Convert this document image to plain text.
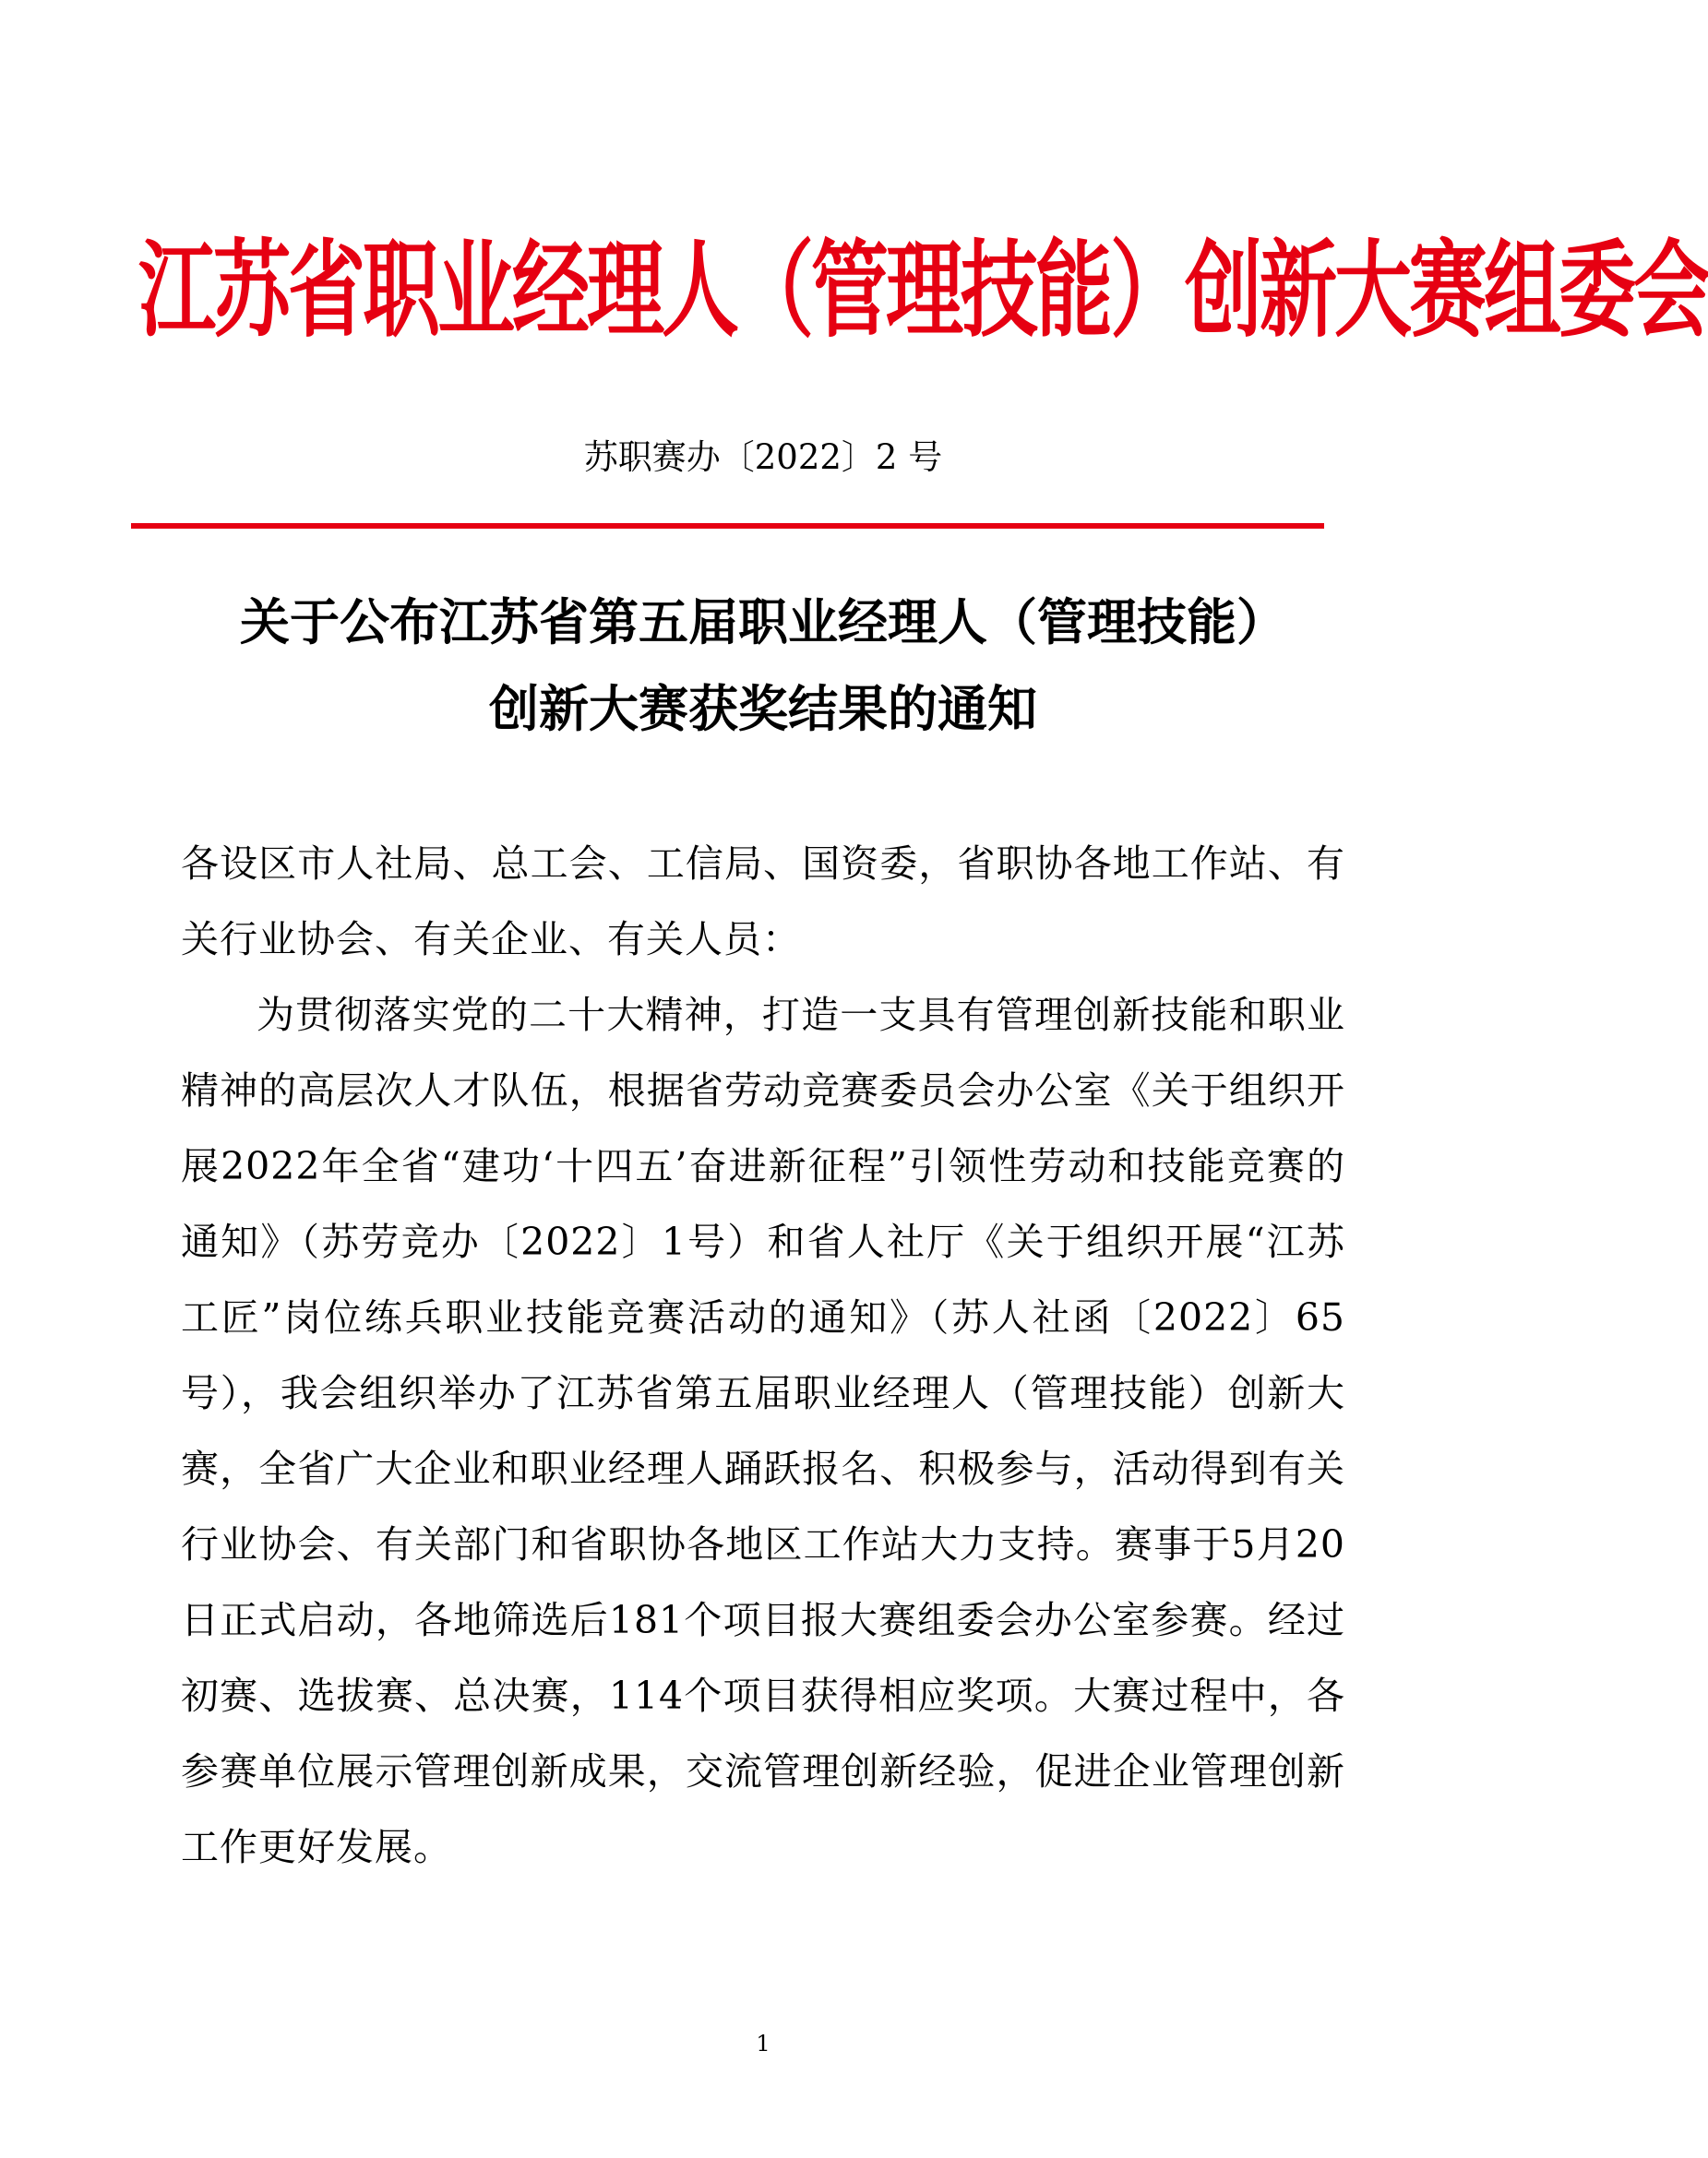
江苏省职业经理人（管理技能）创新大赛组委会
苏职赛办〔2022〕2 号
关于公布江苏省第五届职业经理人（管理技能）
创新大赛获奖结果的通知

各设区市人社局、总工会、工信局、国资委，省职协各地工作站、有关行业协会、有关企业、有关人员：

为贯彻落实党的二十大精神，打造一支具有管理创新技能和职业精神的高层次人才队伍，根据省劳动竞赛委员会办公室《关于组织开展2022年全省“建功‘十四五’奋进新征程”引领性劳动和技能竞赛的通知》（苏劳竞办〔2022〕1号）和省人社厅《关于组织开展“江苏工匠”岗位练兵职业技能竞赛活动的通知》（苏人社函〔2022〕65 号），我会组织举办了江苏省第五届职业经理人（管理技能）创新大赛，全省广大企业和职业经理人踊跃报名、积极参与，活动得到有关行业协会、有关部门和省职协各地区工作站大力支持。赛事于5月20日正式启动，各地筛选后181个项目报大赛组委会办公室参赛。经过初赛、选拔赛、总决赛，114个项目获得相应奖项。大赛过程中，各参赛单位展示管理创新成果，交流管理创新经验，促进企业管理创新工作更好发展。

1
